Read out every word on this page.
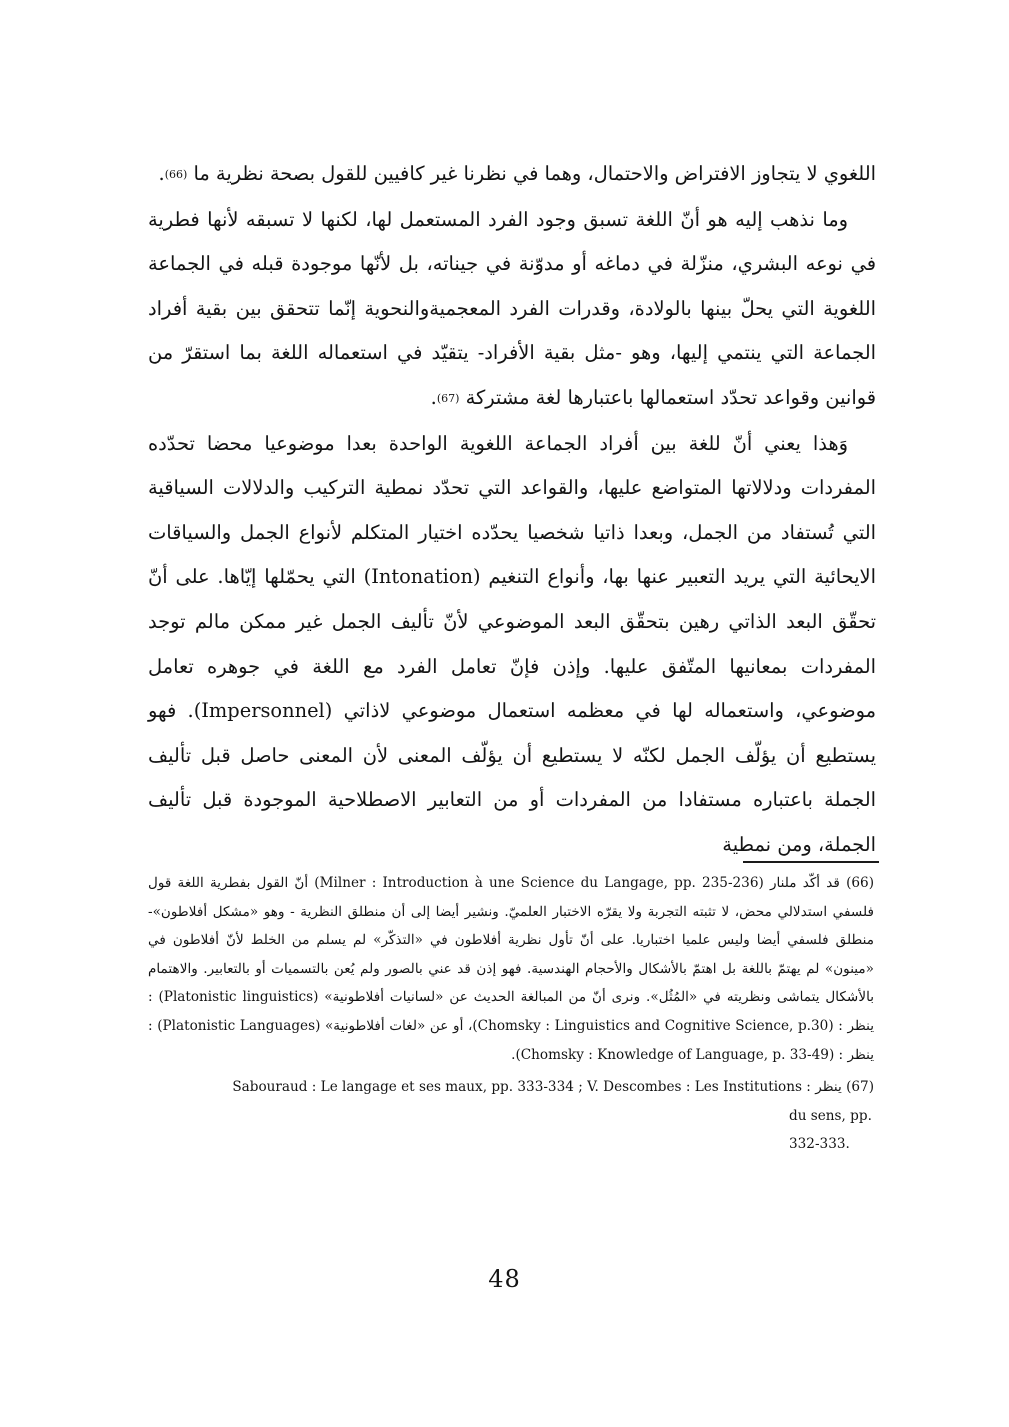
اللغوي لا يتجاوز الافتراض والاحتمال، وهما في نظرنا غير كافيين للقول بصحة نظرية ما (66).

وما نذهب إليه هو أنّ اللغة تسبق وجود الفرد المستعمل لها، لكنها لا تسبقه لأنها فطرية في نوعه البشري، منزّلة في دماغه أو مدوّنة في جيناته، بل لأنّها موجودة قبله في الجماعة اللغوية التي يحلّ بينها بالولادة، وقدرات الفرد المعجميةوالنحوية إنّما تتحقق بين بقية أفراد الجماعة التي ينتمي إليها، وهو -مثل بقية الأفراد- يتقيّد في استعماله اللغة بما استقرّ من قوانين وقواعد تحدّد استعمالها باعتبارها لغة مشتركة (67).

وَهذا يعني أنّ للغة بين أفراد الجماعة اللغوية الواحدة بعدا موضوعيا محضا تحدّده المفردات ودلالاتها المتواضع عليها، والقواعد التي تحدّد نمطية التركيب والدلالات السياقية التي تُستفاد من الجمل، وبعدا ذاتيا شخصيا يحدّده اختيار المتكلم لأنواع الجمل والسياقات الايحائية التي يريد التعبير عنها بها، وأنواع التنغيم (Intonation) التي يحمّلها إيّاها. على أنّ تحقّق البعد الذاتي رهين بتحقّق البعد الموضوعي لأنّ تأليف الجمل غير ممكن مالم توجد المفردات بمعانيها المتّفق عليها. وإذن فإنّ تعامل الفرد مع اللغة في جوهره تعامل موضوعي، واستعماله لها في معظمه استعمال موضوعي لاذاتي (Impersonnel). فهو يستطيع أن يؤلّف الجمل لكنّه لا يستطيع أن يؤلّف المعنى لأن المعنى حاصل قبل تأليف الجملة باعتباره مستفادا من المفردات أو من التعابير الاصطلاحية الموجودة قبل تأليف الجملة، ومن نمطية

(66) قد أكّد ملنار (Milner : Introduction à une Science du Langage, pp. 235-236) أنّ القول بفطرية اللغة قول فلسفي استدلالي محض، لا تثبته التجربة ولا يقرّه الاختبار العلميّ. ونشير أيضا إلى أن منطلق النظرية - وهو «مشكل أفلاطون»- منطلق فلسفي أيضا وليس علميا اختباريا. على أنّ تأول نظرية أفلاطون في «التذكّر» لم يسلم من الخلط لأنّ أفلاطون في «مينون» لم يهتمّ باللغة بل اهتمّ بالأشكال والأحجام الهندسية. فهو إذن قد عني بالصور ولم يُعن بالتسميات أو بالتعابير. والاهتمام بالأشكال يتماشى ونظريته في «المُثُل». ونرى أنّ من المبالغة الحديث عن «لسانيات أفلاطونية» (Platonistic linguistics) : ينظر : (Chomsky : Linguistics and Cognitive Science, p.30)، أو عن «لغات أفلاطونية» (Platonistic Languages) : ينظر : (Chomsky : Knowledge of Language, p. 33-49).

(67) ينظر : Sabouraud : Le langage et ses maux, pp. 333-334 ; V. Descombes : Les Institutions

du sens, pp. 332-333.

48
